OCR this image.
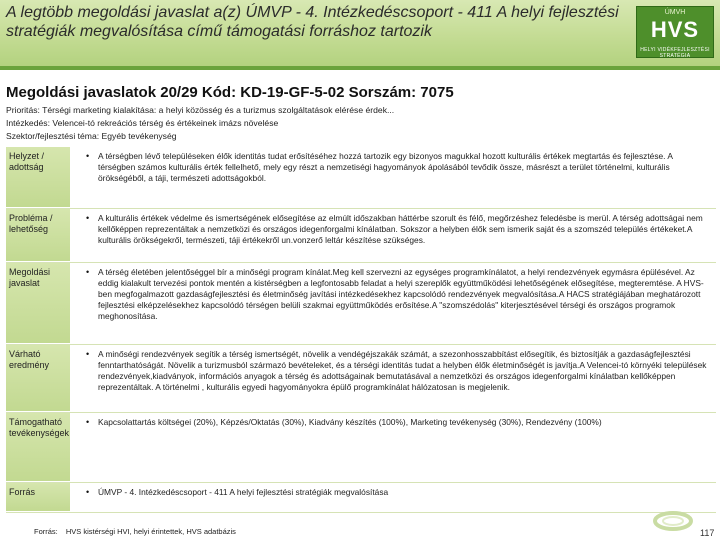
A legtöbb megoldási javaslat a(z) ÚMVP - 4. Intézkedéscsoport - 411 A helyi fejlesztési stratégiák megvalósítása című támogatási forráshoz tartozik
ÚMVH
HVS
HELYI VIDÉKFEJLESZTÉSI STRATÉGIA
Megoldási javaslatok 20/29 Kód: KD-19-GF-5-02 Sorszám: 7075
Prioritás: Térségi marketing kialakítása: a helyi közösség és a turizmus szolgáltatások elérése érdek...
Intézkedés: Velencei-tó rekreációs térség és értékeinek imázs növelése
Szektor/fejlesztési téma: Egyéb tevékenység
Helyzet / adottság
• A térségben lévő településeken élők identitás tudat erősítéséhez hozzá tartozik egy bizonyos magukkal hozott kulturális értékek megtartás és fejlesztése. A térségben számos kulturális érték fellelhető, mely egy részt a nemzetiségi hagyományok ápolásából tevődik össze, másrészt a terület történelmi, kulturális örökségéből, a táji, természeti adottságokból.
Probléma / lehetőség
• A kulturális értékek védelme és ismertségének elősegítése az elmúlt időszakban háttérbe szorult és félő, megőrzéshez feledésbe is merül. A térség adottságai nem kellőképpen reprezentáltak a nemzetközi és országos idegenforgalmi kínálatban. Sokszor a helyben élők sem ismerik saját és a szomszéd település értékeket.A kulturális örökségekről, természeti, táji értékekről un.vonzerő leltár készítése szükséges.
Megoldási javaslat
• A térség életében jelentőséggel bír a minőségi program kínálat.Meg kell szervezni az egységes programkínálatot, a helyi rendezvények egymásra épülésével. Az eddig kialakult tervezési pontok mentén a kistérségben a legfontosabb feladat a helyi szereplők együttműködési lehetőségének elősegítése, megteremtése. A HVS-ben megfogalmazott gazdaságfejlesztési és életminőség javítási intézkedésekhez kapcsolódó rendezvények megvalósítása.A HACS stratégiájában meghatározott fejlesztési elképzelésekhez kapcsolódó térségen belüli szakmai együttműködés erősítése.A "szomszédolás" kiterjesztésével térségi és országos programok meghonosítása.
Várható eredmény
• A minőségi rendezvények segítik a térség ismertségét, növelik a vendégéjszakák számát, a szezonhosszabbítást elősegítik, és biztosítják a gazdaságfejlesztési fenntarthatóságát. Növelik a turizmusból származó bevételeket, és a térségi identitás tudat a helyben élők életminőségét is javítja.A Velencei-tó környéki települések rendezvények,kiadványok, információs anyagok a térség és adottságainak bemutatásával a nemzetközi és országos idegenforgalmi kínálatban kellőképpen reprezentáltak. A történelmi , kulturális egyedi hagyományokra épülő programkínálat hálózatosan is megjelenik.
Támogatható tevékenységek
• Kapcsolattartás költségei (20%), Képzés/Oktatás (30%), Kiadvány készítés (100%), Marketing tevékenység (30%), Rendezvény (100%)
Forrás	• ÚMVP - 4. Intézkedéscsoport - 411 A helyi fejlesztési stratégiák megvalósítása
Forrás: HVS kistérségi HVI, helyi érintettek, HVS adatbázis	117
